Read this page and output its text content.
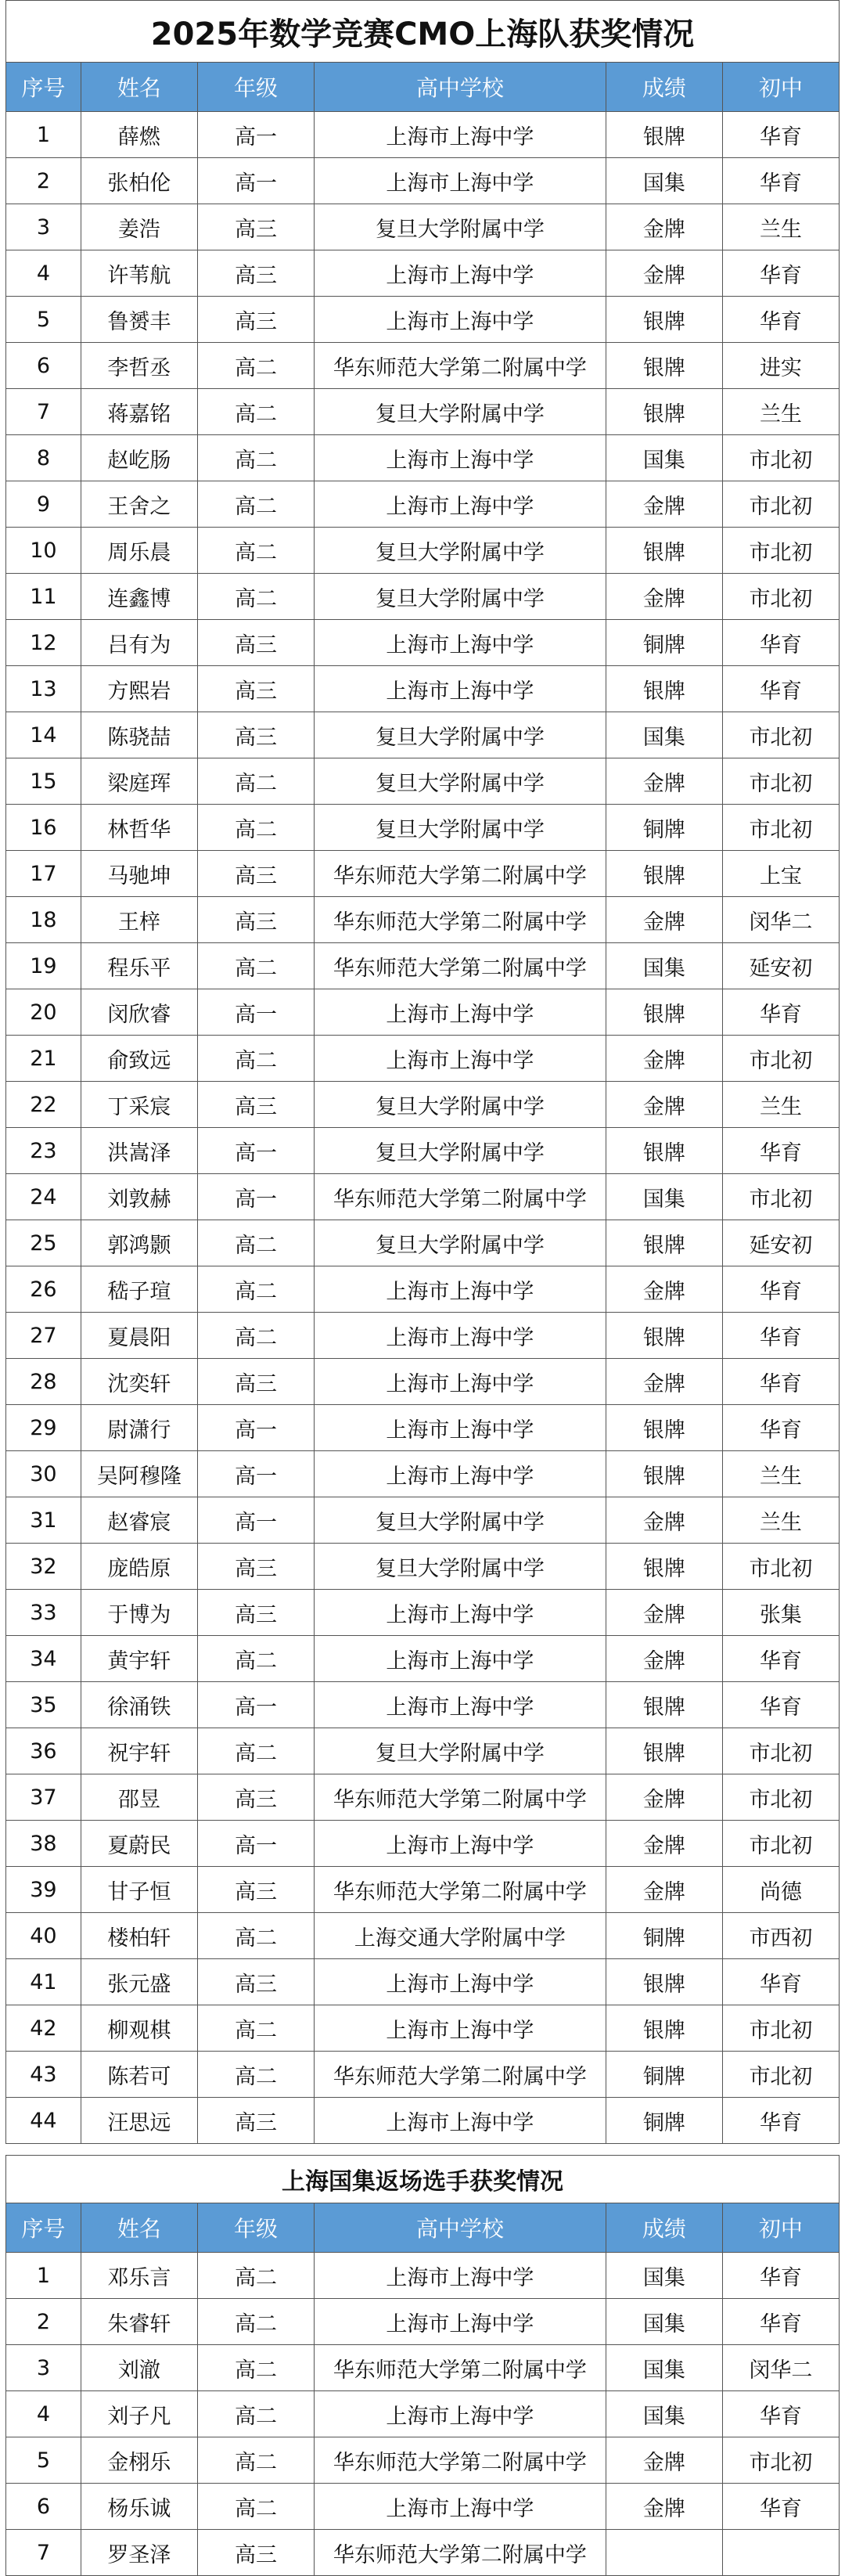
2025年数学竞赛CMO上海队获奖情况					
序号	姓名	年级	高中学校	成绩	初中
1	薛燃	高一	上海市上海中学	银牌	华育
2	张柏伦	高一	上海市上海中学	国集	华育
3	姜浩	高三	复旦大学附属中学	金牌	兰生
4	许苇航	高三	上海市上海中学	金牌	华育
5	鲁赟丰	高三	上海市上海中学	银牌	华育
6	李哲丞	高二	华东师范大学第二附属中学	银牌	进实
7	蒋嘉铭	高二	复旦大学附属中学	银牌	兰生
8	赵屹肠	高二	上海市上海中学	国集	市北初
9	王舍之	高二	上海市上海中学	金牌	市北初
10	周乐晨	高二	复旦大学附属中学	银牌	市北初
11	连鑫博	高二	复旦大学附属中学	金牌	市北初
12	吕有为	高三	上海市上海中学	铜牌	华育
13	方熙岩	高三	上海市上海中学	银牌	华育
14	陈骁喆	高三	复旦大学附属中学	国集	市北初
15	梁庭珲	高二	复旦大学附属中学	金牌	市北初
16	林哲华	高二	复旦大学附属中学	铜牌	市北初
17	马驰坤	高三	华东师范大学第二附属中学	银牌	上宝
18	王梓	高三	华东师范大学第二附属中学	金牌	闵华二
19	程乐平	高二	华东师范大学第二附属中学	国集	延安初
20	闵欣睿	高一	上海市上海中学	银牌	华育
21	俞致远	高二	上海市上海中学	金牌	市北初
22	丁采宸	高三	复旦大学附属中学	金牌	兰生
23	洪嵩泽	高一	复旦大学附属中学	银牌	华育
24	刘敦赫	高一	华东师范大学第二附属中学	国集	市北初
25	郭鸿颢	高二	复旦大学附属中学	银牌	延安初
26	嵇子瑄	高二	上海市上海中学	金牌	华育
27	夏晨阳	高二	上海市上海中学	银牌	华育
28	沈奕轩	高三	上海市上海中学	金牌	华育
29	尉潇行	高一	上海市上海中学	银牌	华育
30	吴阿穆隆	高一	上海市上海中学	银牌	兰生
31	赵睿宸	高一	复旦大学附属中学	金牌	兰生
32	庞皓原	高三	复旦大学附属中学	银牌	市北初
33	于博为	高三	上海市上海中学	金牌	张集
34	黄宇轩	高二	上海市上海中学	金牌	华育
35	徐涌铁	高一	上海市上海中学	银牌	华育
36	祝宇轩	高二	复旦大学附属中学	银牌	市北初
37	邵昱	高三	华东师范大学第二附属中学	金牌	市北初
38	夏蔚民	高一	上海市上海中学	金牌	市北初
39	甘子恒	高三	华东师范大学第二附属中学	金牌	尚德
40	楼柏轩	高二	上海交通大学附属中学	铜牌	市西初
41	张元盛	高三	上海市上海中学	银牌	华育
42	柳观棋	高二	上海市上海中学	银牌	市北初
43	陈若可	高二	华东师范大学第二附属中学	铜牌	市北初
44	汪思远	高三	上海市上海中学	铜牌	华育

上海国集返场选手获奖情况					
序号	姓名	年级	高中学校	成绩	初中
1	邓乐言	高二	上海市上海中学	国集	华育
2	朱睿轩	高二	上海市上海中学	国集	华育
3	刘澈	高二	华东师范大学第二附属中学	国集	闵华二
4	刘子凡	高二	上海市上海中学	国集	华育
5	金栩乐	高二	华东师范大学第二附属中学	金牌	市北初
6	杨乐诚	高二	上海市上海中学	金牌	华育
7	罗圣泽	高三	华东师范大学第二附属中学		
